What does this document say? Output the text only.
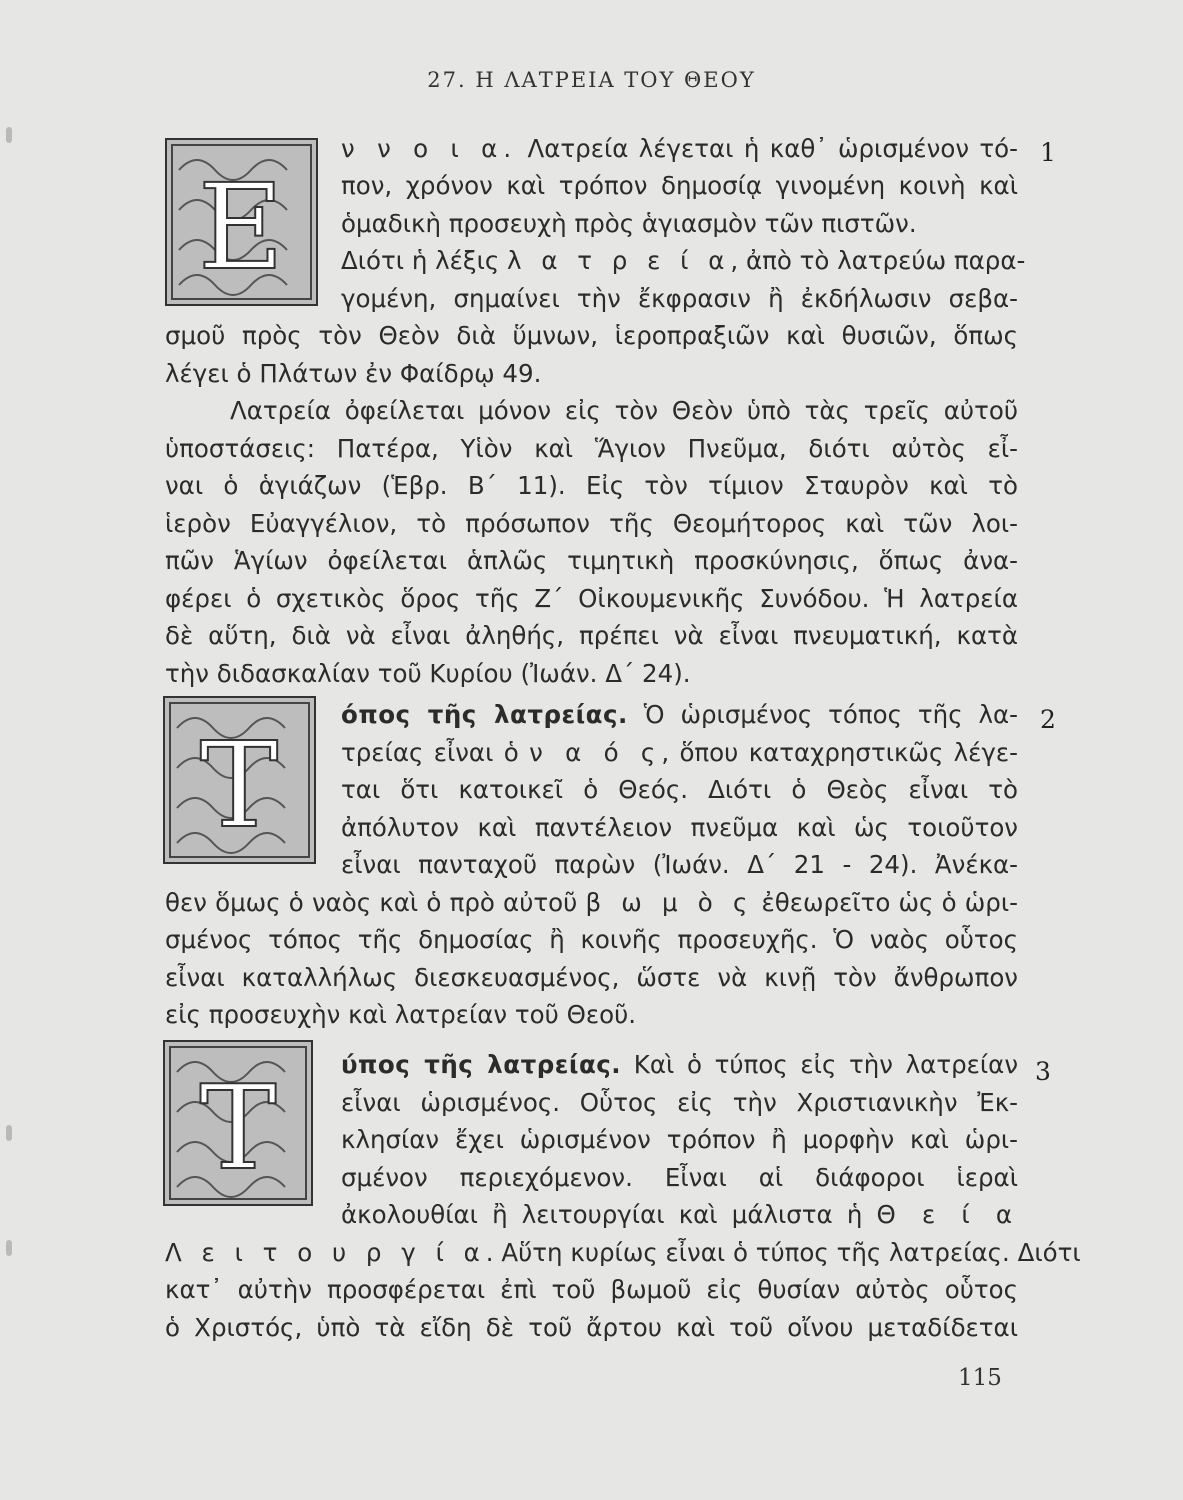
27. Η ΛΑΤΡΕΙΑ ΤΟΥ ΘΕΟΥ
Ε
1
ν ν ο ι α. Λατρεία λέγεται ἡ καθ᾽ ὡρισμένον τό-
πον, χρόνον καὶ τρόπον δημοσίᾳ γινομένη κοινὴ καὶ
ὁμαδικὴ προσευχὴ πρὸς ἁγιασμὸν τῶν πιστῶν.
Διότι ἡ λέξις λ α τ ρ ε ί α, ἀπὸ τὸ λατρεύω παρα-
γομένη, σημαίνει τὴν ἔκφρασιν ἢ ἐκδήλωσιν σεβα-
σμοῦ πρὸς τὸν Θεὸν διὰ ὕμνων, ἱεροπραξιῶν καὶ θυσιῶν, ὅπως
λέγει ὁ Πλάτων ἐν Φαίδρῳ 49.
Λατρεία ὀφείλεται μόνον εἰς τὸν Θεὸν ὑπὸ τὰς τρεῖς αὐτοῦ
ὑποστάσεις: Πατέρα, Υἱὸν καὶ Ἅγιον Πνεῦμα, διότι αὐτὸς εἶ-
ναι ὁ ἁγιάζων (Ἑβρ. Β΄ 11). Εἰς τὸν τίμιον Σταυρὸν καὶ τὸ
ἱερὸν Εὐαγγέλιον, τὸ πρόσωπον τῆς Θεομήτορος καὶ τῶν λοι-
πῶν Ἁγίων ὀφείλεται ἁπλῶς τιμητικὴ προσκύνησις, ὅπως ἀνα-
φέρει ὁ σχετικὸς ὅρος τῆς Ζ΄ Οἰκουμενικῆς Συνόδου. Ἡ λατρεία
δὲ αὕτη, διὰ νὰ εἶναι ἀληθής, πρέπει νὰ εἶναι πνευματική, κατὰ
τὴν διδασκαλίαν τοῦ Κυρίου (Ἰωάν. Δ΄ 24).
Τ	2
όπος τῆς λατρείας. Ὁ ὡρισμένος τόπος τῆς λα-
τρείας εἶναι ὁ ν α ό ς, ὅπου καταχρηστικῶς λέγε-
ται ὅτι κατοικεῖ ὁ Θεός. Διότι ὁ Θεὸς εἶναι τὸ
ἀπόλυτον καὶ παντέλειον πνεῦμα καὶ ὡς τοιοῦτον
εἶναι πανταχοῦ παρὼν (Ἰωάν. Δ΄ 21 - 24). Ἀνέκα-
θεν ὅμως ὁ ναὸς καὶ ὁ πρὸ αὐτοῦ β ω μ ὸ ς ἐθεωρεῖτο ὡς ὁ ὡρι-
σμένος τόπος τῆς δημοσίας ἢ κοινῆς προσευχῆς. Ὁ ναὸς οὗτος
εἶναι καταλλήλως διεσκευασμένος, ὥστε νὰ κινῇ τὸν ἄνθρωπον
εἰς προσευχὴν καὶ λατρείαν τοῦ Θεοῦ.
Τ	3
ύπος τῆς λατρείας. Καὶ ὁ τύπος εἰς τὴν λατρείαν
εἶναι ὡρισμένος. Οὗτος εἰς τὴν Χριστιανικὴν Ἐκ-
κλησίαν ἔχει ὡρισμένον τρόπον ἢ μορφὴν καὶ ὡρι-
σμένον περιεχόμενον. Εἶναι αἱ διάφοροι ἱεραὶ
ἀκολουθίαι ἢ λειτουργίαι καὶ μάλιστα ἡ Θ ε ί α
Λ ε ι τ ο υ ρ γ ί α. Αὕτη κυρίως εἶναι ὁ τύπος τῆς λατρείας. Διότι
κατ᾽ αὐτὴν προσφέρεται ἐπὶ τοῦ βωμοῦ εἰς θυσίαν αὐτὸς οὗτος
ὁ Χριστός, ὑπὸ τὰ εἴδη δὲ τοῦ ἄρτου καὶ τοῦ οἴνου μεταδίδεται
115
